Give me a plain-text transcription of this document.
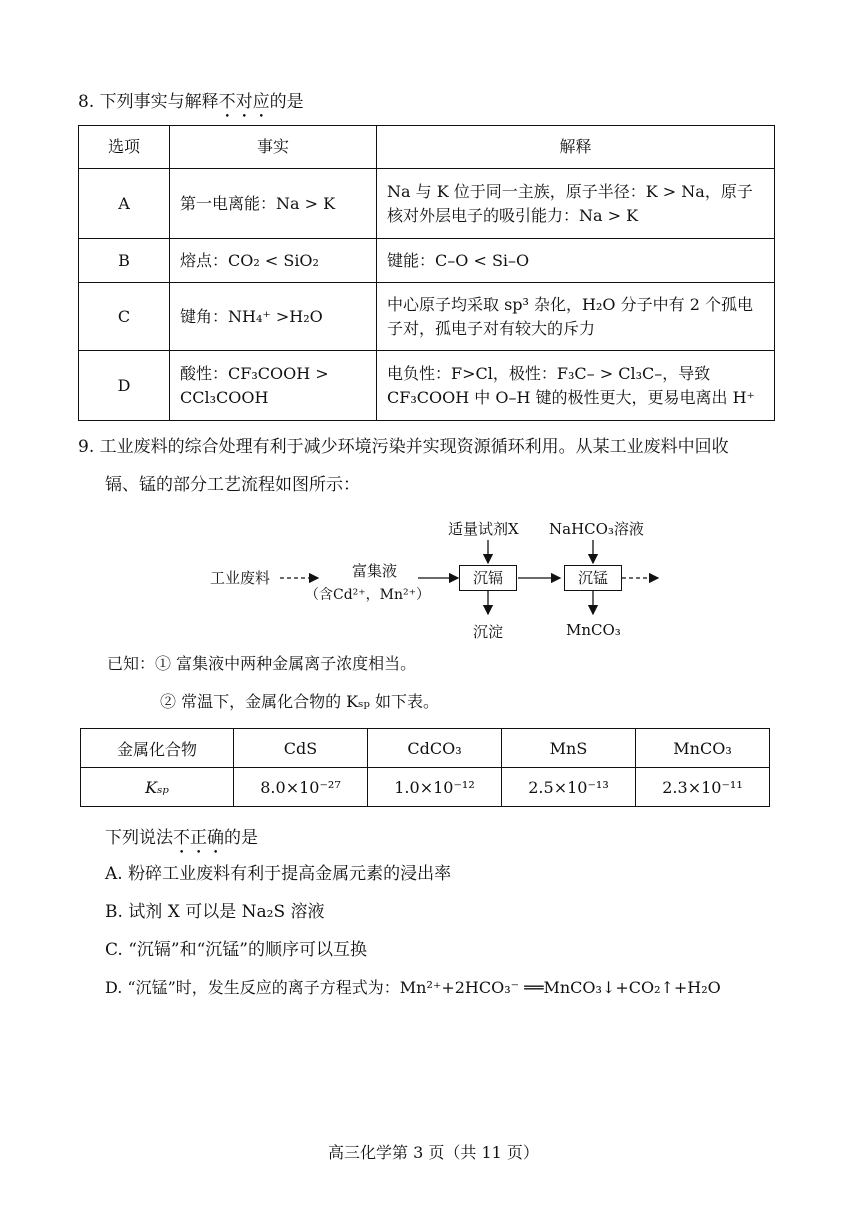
8. 下列事实与解释不对应的是
选项	事实	解释
A	第一电离能：Na > K	Na 与 K 位于同一主族，原子半径：K > Na，原子核对外层电子的吸引能力：Na > K
B	熔点：CO₂ < SiO₂	键能：C–O < Si–O
C	键角：NH₄⁺ >H₂O	中心原子均采取 sp³ 杂化，H₂O 分子中有 2 个孤电子对，孤电子对有较大的斥力
D	酸性：CF₃COOH > CCl₃COOH	电负性：F>Cl，极性：F₃C– > Cl₃C–，导致 CF₃COOH 中 O–H 键的极性更大，更易电离出 H⁺
9. 工业废料的综合处理有利于减少环境污染并实现资源循环利用。从某工业废料中回收
镉、锰的部分工艺流程如图所示：
工业废料	富集液
（含Cd²⁺，Mn²⁺）
适量试剂X NaHCO₃溶液
沉镉	沉锰
沉淀	MnCO₃
已知：① 富集液中两种金属离子浓度相当。
② 常温下，金属化合物的 Kₛₚ 如下表。
金属化合物	CdS	CdCO₃	MnS	MnCO₃
Kₛₚ	8.0×10⁻²⁷	1.0×10⁻¹²	2.5×10⁻¹³	2.3×10⁻¹¹
下列说法不正确的是
A. 粉碎工业废料有利于提高金属元素的浸出率
B. 试剂 X 可以是 Na₂S 溶液
C. “沉镉”和“沉锰”的顺序可以互换
D. “沉锰”时，发生反应的离子方程式为：Mn²⁺+2HCO₃⁻ ══MnCO₃↓+CO₂↑+H₂O
高三化学第 3 页（共 11 页）
